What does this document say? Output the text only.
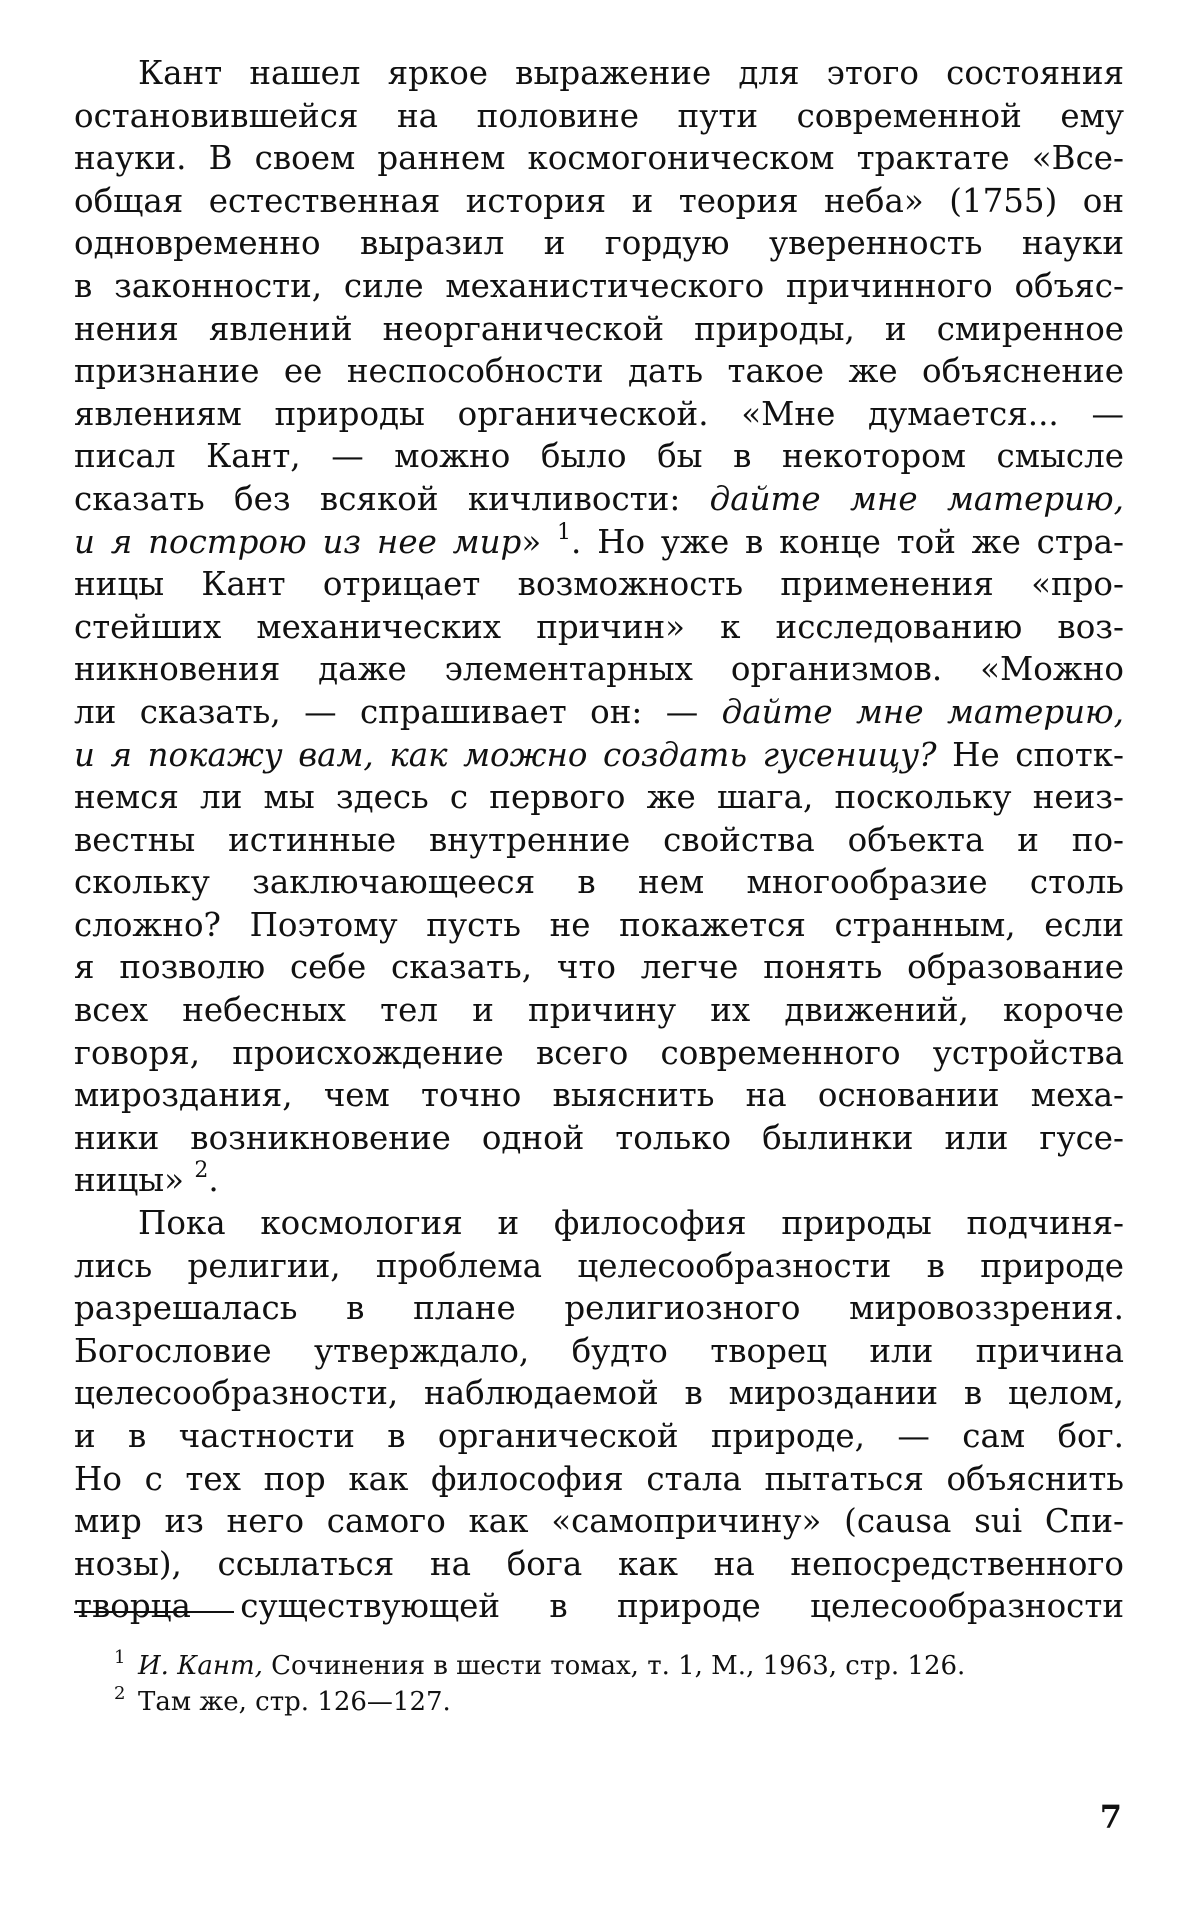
Кант нашел яркое выражение для этого состояния
остановившейся на половине пути современной ему
науки. В своем раннем космогоническом трактате «Все-
общая естественная история и теория неба» (1755) он
одновременно выразил и гордую уверенность науки
в законности, силе механистического причинного объяс-
нения явлений неорганической природы, и смиренное
признание ее неспособности дать такое же объяснение
явлениям природы органической. «Мне думается... —
писал Кант, — можно было бы в некотором смысле
сказать без всякой кичливости: дайте мне материю,
и я построю из нее мир» $^1$. Но уже в конце той же стра-
ницы Кант отрицает возможность применения «про-
стейших механических причин» к исследованию воз-
никновения даже элементарных организмов. «Можно
ли сказать, — спрашивает он: — дайте мне материю,
и я покажу вам, как можно создать гусеницу? Не спотк-
немся ли мы здесь с первого же шага, поскольку неиз-
вестны истинные внутренние свойства объекта и по-
скольку заключающееся в нем многообразие столь
сложно? Поэтому пусть не покажется странным, если
я позволю себе сказать, что легче понять образование
всех небесных тел и причину их движений, короче
говоря, происхождение всего современного устройства
мироздания, чем точно выяснить на основании меха-
ники возникновение одной только былинки или гусе-
ницы» $^2$.
Пока космология и философия природы подчиня-
лись религии, проблема целесообразности в природе
разрешалась в плане религиозного мировоззрения.
Богословие утверждало, будто творец или причина
целесообразности, наблюдаемой в мироздании в целом,
и в частности в органической природе, — сам бог.
Но с тех пор как философия стала пытаться объяснить
мир из него самого как «самопричину» (causa sui Спи-
нозы), ссылаться на бога как на непосредственного
творца существующей в природе целесообразности
1 И. Кант, Сочинения в шести томах, т. 1, М., 1963, стр. 126.
2 Там же, стр. 126—127.
7
